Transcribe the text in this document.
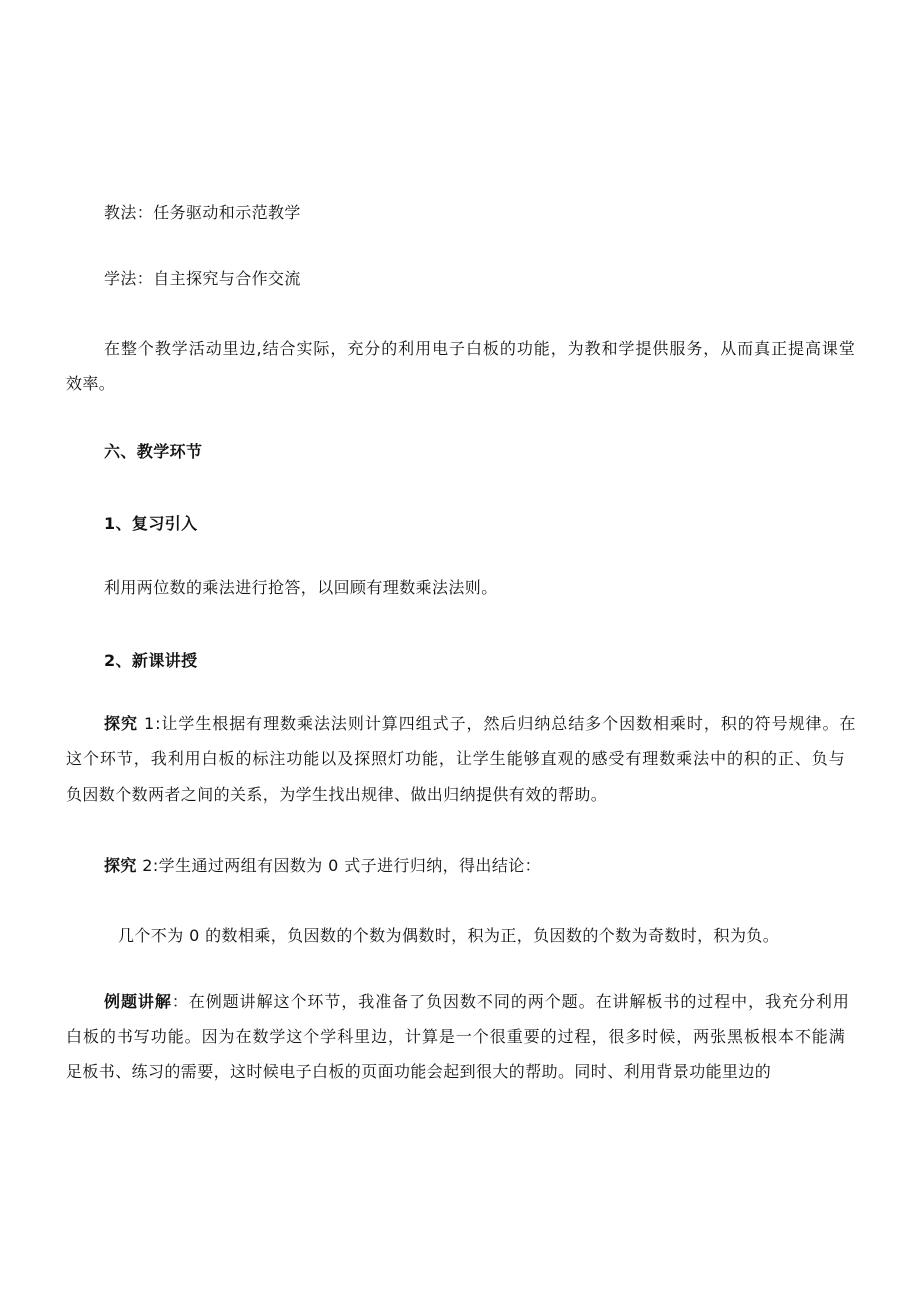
教法：任务驱动和示范教学
学法：自主探究与合作交流
在整个教学活动里边,结合实际，充分的利用电子白板的功能，为教和学提供服务，从而真正提高课堂
效率。
六、教学环节
1、复习引入
利用两位数的乘法进行抢答，以回顾有理数乘法法则。
2、新课讲授
探究 1:让学生根据有理数乘法法则计算四组式子，然后归纳总结多个因数相乘时，积的符号规律。在
这个环节，我利用白板的标注功能以及探照灯功能，让学生能够直观的感受有理数乘法中的积的正、负与
负因数个数两者之间的关系，为学生找出规律、做出归纳提供有效的帮助。
探究 2:学生通过两组有因数为 0 式子进行归纳，得出结论：
几个不为 0 的数相乘，负因数的个数为偶数时，积为正，负因数的个数为奇数时，积为负。
例题讲解：在例题讲解这个环节，我准备了负因数不同的两个题。在讲解板书的过程中，我充分利用
白板的书写功能。因为在数学这个学科里边，计算是一个很重要的过程，很多时候，两张黑板根本不能满
足板书、练习的需要，这时候电子白板的页面功能会起到很大的帮助。同时、利用背景功能里边的
